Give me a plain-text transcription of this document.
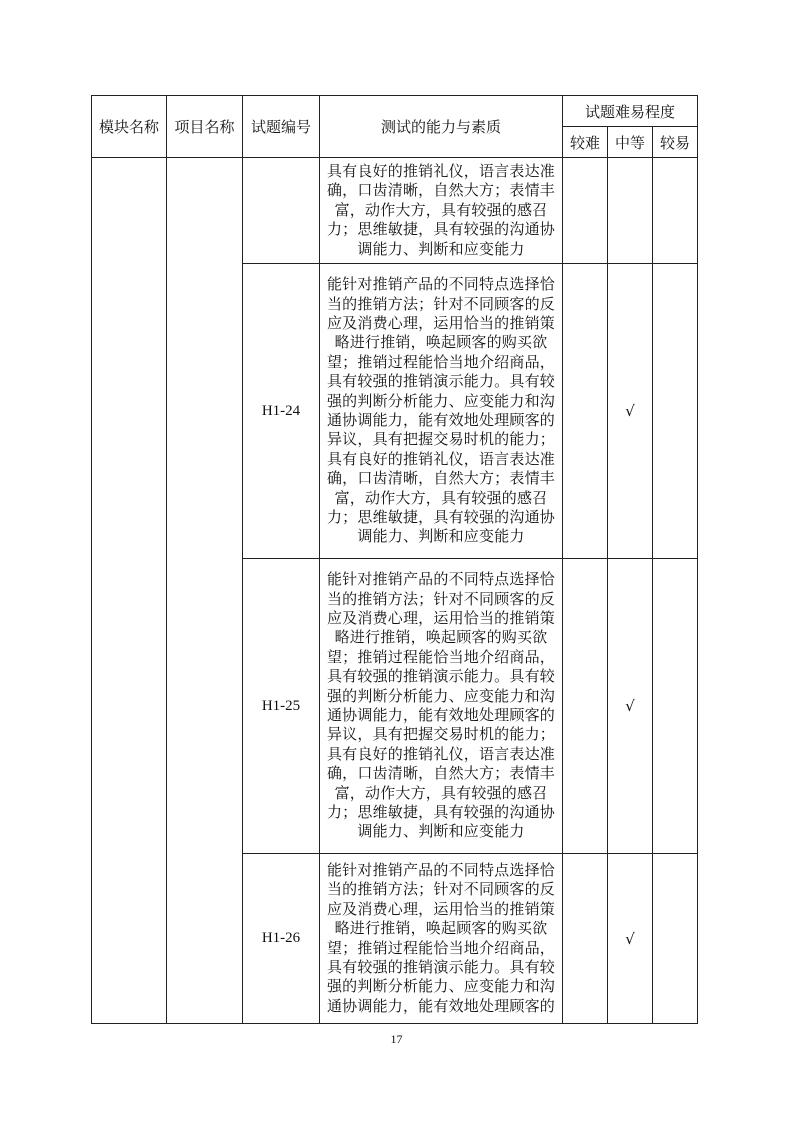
模块名称	项目名称	试题编号	测试的能力与素质	试题难易程度		
				较难	中等	较易
			具有良好的推销礼仪，语言表达准确，口齿清晰，自然大方；表情丰富，动作大方，具有较强的感召力；思维敏捷，具有较强的沟通协调能力、判断和应变能力			
		H1-24	能针对推销产品的不同特点选择恰当的推销方法；针对不同顾客的反应及消费心理，运用恰当的推销策略进行推销，唤起顾客的购买欲望；推销过程能恰当地介绍商品，具有较强的推销演示能力。具有较强的判断分析能力、应变能力和沟通协调能力，能有效地处理顾客的异议，具有把握交易时机的能力；具有良好的推销礼仪，语言表达准确，口齿清晰，自然大方；表情丰富，动作大方，具有较强的感召力；思维敏捷，具有较强的沟通协调能力、判断和应变能力		√	
		H1-25	能针对推销产品的不同特点选择恰当的推销方法；针对不同顾客的反应及消费心理，运用恰当的推销策略进行推销，唤起顾客的购买欲望；推销过程能恰当地介绍商品，具有较强的推销演示能力。具有较强的判断分析能力、应变能力和沟通协调能力，能有效地处理顾客的异议，具有把握交易时机的能力；具有良好的推销礼仪，语言表达准确，口齿清晰，自然大方；表情丰富，动作大方，具有较强的感召力；思维敏捷，具有较强的沟通协调能力、判断和应变能力		√	
		H1-26	能针对推销产品的不同特点选择恰当的推销方法；针对不同顾客的反应及消费心理，运用恰当的推销策略进行推销，唤起顾客的购买欲望；推销过程能恰当地介绍商品，具有较强的推销演示能力。具有较强的判断分析能力、应变能力和沟通协调能力，能有效地处理顾客的		√	
17
